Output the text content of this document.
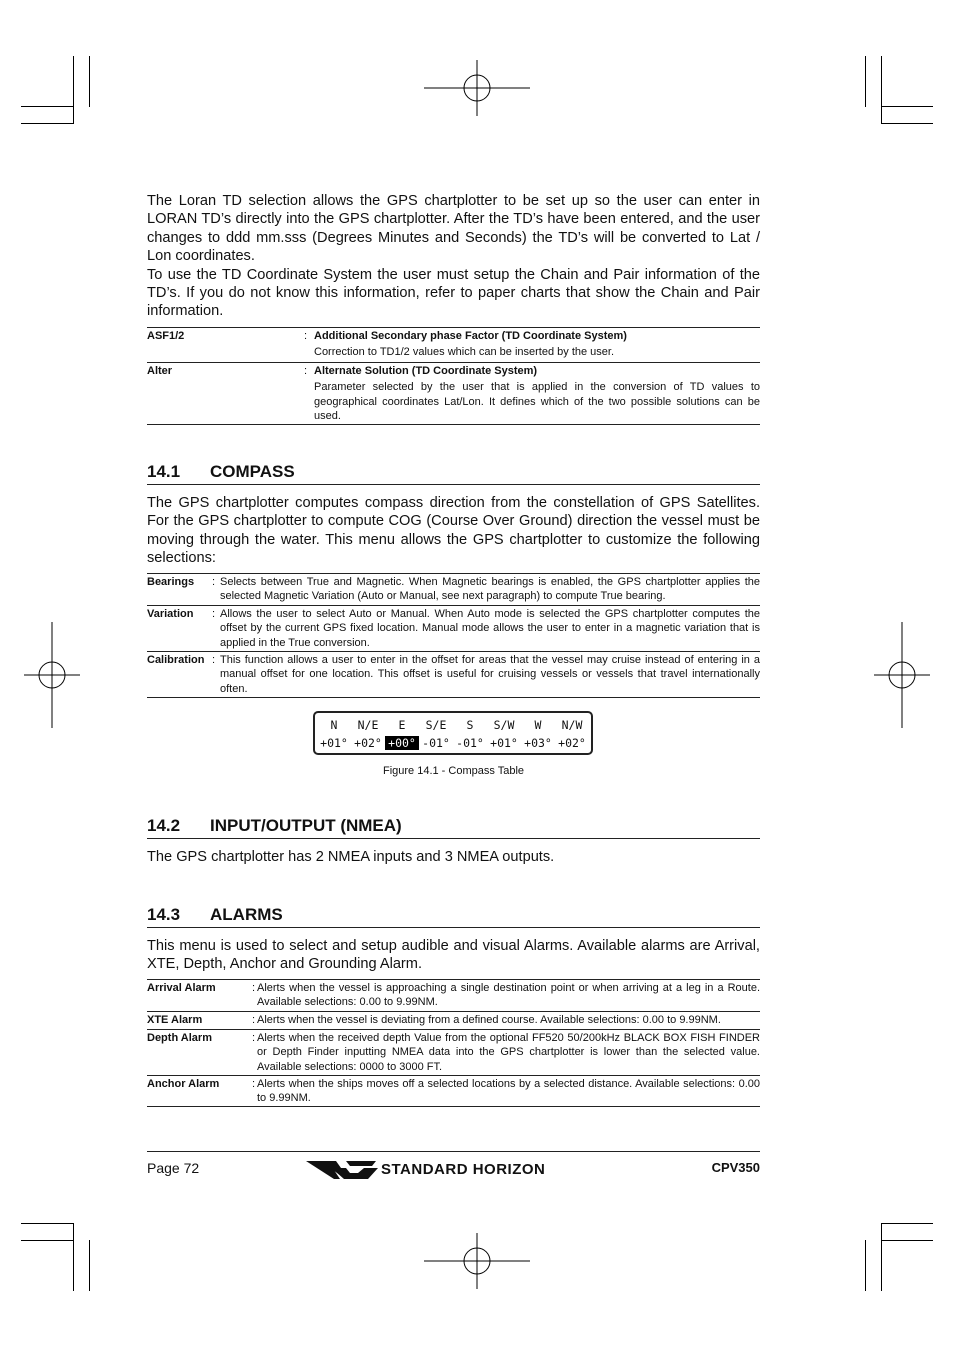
The Loran TD selection allows the GPS chartplotter to be set up so the user can enter in LORAN TD’s directly into the GPS chartplotter. After the TD’s have been entered, and the user changes to ddd mm.sss (Degrees Minutes and Seconds) the TD’s will be converted to Lat / Lon coordinates.

To use the TD Coordinate System the user must setup the Chain and Pair information of the TD’s. If you do not know this information, refer to paper charts that show the Chain and Pair information.

ASF1/2	: Additional Secondary phase Factor (TD Coordinate System)
Correction to TD1/2 values which can be inserted by the user.
Alter	: Alternate Solution (TD Coordinate System)
Parameter selected by the user that is applied in the conversion of TD values to geographical coordinates Lat/Lon. It defines which of the two possible solutions can be used.
14.1 COMPASS
The GPS chartplotter computes compass direction from the constellation of GPS Satellites. For the GPS chartplotter to compute COG (Course Over Ground) direction the vessel must be moving through the water. This menu allows the GPS chartplotter to customize the following selections:
Bearings : Selects between True and Magnetic. When Magnetic bearings is enabled, the GPS chartplotter applies the selected Magnetic Variation (Auto or Manual, see next paragraph) to compute True bearing.
Variation : Allows the user to select Auto or Manual. When Auto mode is selected the GPS chartplotter computes the offset by the current GPS fixed location. Manual mode allows the user to enter in a magnetic variation that is applied in the True conversion.
Calibration : This function allows a user to enter in the offset for areas that the vessel may cruise instead of entering in a manual offset for one location. This offset is useful for cruising vessels or vessels that travel internationally often.
N	N/E	E	S/E	S	S/W	W	N/W
+01° +02° +00° -01° -01° +01° +03° +02°
Figure 14.1 - Compass Table
14.2 INPUT/OUTPUT (NMEA)
The GPS chartplotter has 2 NMEA inputs and 3 NMEA outputs.
14.3 ALARMS
This menu is used to select and setup audible and visual Alarms. Available alarms are Arrival, XTE, Depth, Anchor and Grounding Alarm.
Arrival Alarm	: Alerts when the vessel is approaching a single destination point or when arriving at a leg in a Route. Available selections: 0.00 to 9.99NM.
XTE Alarm	: Alerts when the vessel is deviating from a defined course. Available selections: 0.00 to 9.99NM.
Depth Alarm	: Alerts when the received depth Value from the optional FF520 50/200kHz BLACK BOX FISH FINDER or Depth Finder inputting NMEA data into the GPS chartplotter is lower than the selected value. Available selections: 0000 to 3000 FT.
Anchor Alarm	: Alerts when the ships moves off a selected locations by a selected distance. Available selections: 0.00 to 9.99NM.
Page 72	STANDARD HORIZON	CPV350
